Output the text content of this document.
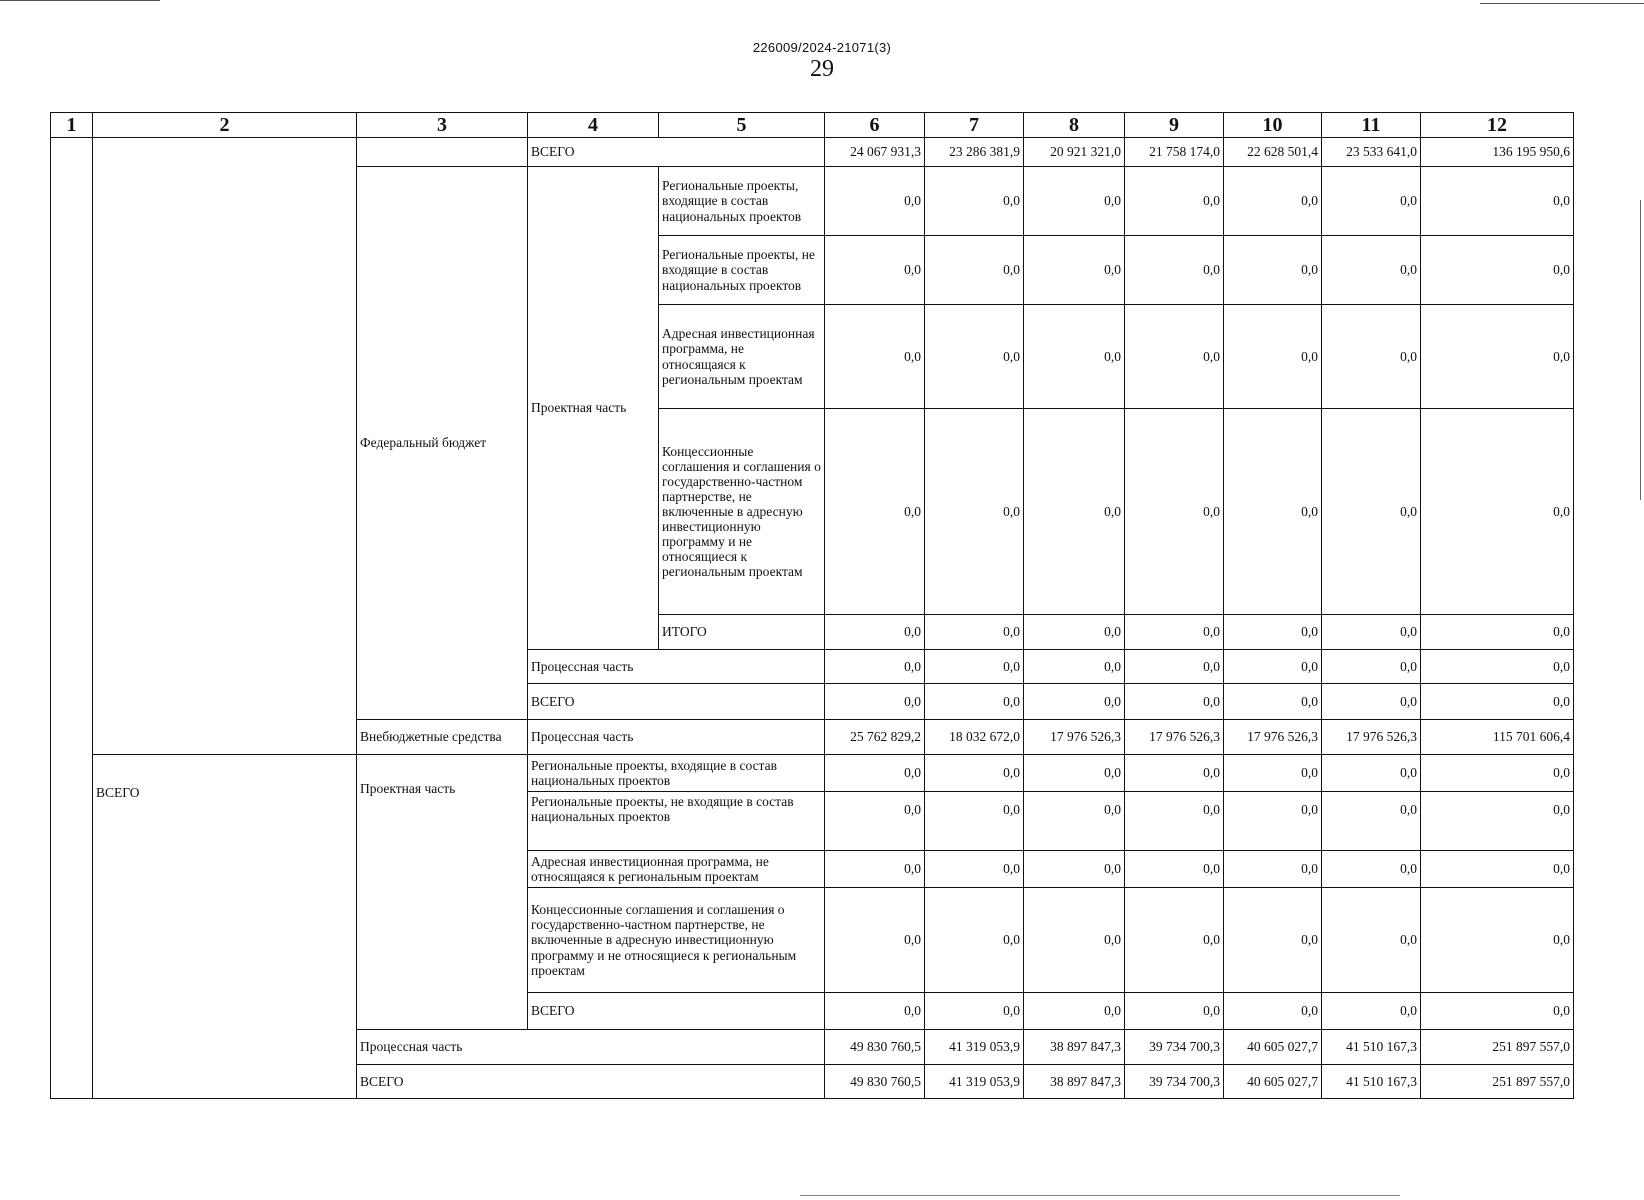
226009/2024-21071(3)
29
1	2	3	4	5	6	7	8	9	10	11	12
			ВСЕГО		24 067 931,3	23 286 381,9	20 921 321,0	21 758 174,0	22 628 501,4	23 533 641,0	136 195 950,6
		Федеральный бюджет	Проектная часть	Региональные проекты, входящие в состав национальных проектов	0,0	0,0	0,0	0,0	0,0	0,0	0,0
				Региональные проекты, не входящие в состав национальных проектов	0,0	0,0	0,0	0,0	0,0	0,0	0,0
				Адресная инвестиционная программа, не относящаяся к региональным проектам	0,0	0,0	0,0	0,0	0,0	0,0	0,0
				Концессионные соглашения и соглашения о государственно-частном партнерстве, не включенные в адресную инвестиционную программу и не относящиеся к региональным проектам	0,0	0,0	0,0	0,0	0,0	0,0	0,0
				ИТОГО	0,0	0,0	0,0	0,0	0,0	0,0	0,0
			Процессная часть		0,0	0,0	0,0	0,0	0,0	0,0	0,0
			ВСЕГО		0,0	0,0	0,0	0,0	0,0	0,0	0,0
		Внебюджетные средства	Процессная часть		25 762 829,2	18 032 672,0	17 976 526,3	17 976 526,3	17 976 526,3	17 976 526,3	115 701 606,4
	ВСЕГО	Проектная часть	Региональные проекты, входящие в состав национальных проектов		0,0	0,0	0,0	0,0	0,0	0,0	0,0
			Региональные проекты, не входящие в состав национальных проектов		0,0	0,0	0,0	0,0	0,0	0,0	0,0
			Адресная инвестиционная программа, не относящаяся к региональным проектам		0,0	0,0	0,0	0,0	0,0	0,0	0,0
			Концессионные соглашения и соглашения о государственно-частном партнерстве, не включенные в адресную инвестиционную программу и не относящиеся к региональным проектам		0,0	0,0	0,0	0,0	0,0	0,0	0,0
			ВСЕГО		0,0	0,0	0,0	0,0	0,0	0,0	0,0
		Процессная часть			49 830 760,5	41 319 053,9	38 897 847,3	39 734 700,3	40 605 027,7	41 510 167,3	251 897 557,0
		ВСЕГО			49 830 760,5	41 319 053,9	38 897 847,3	39 734 700,3	40 605 027,7	41 510 167,3	251 897 557,0
